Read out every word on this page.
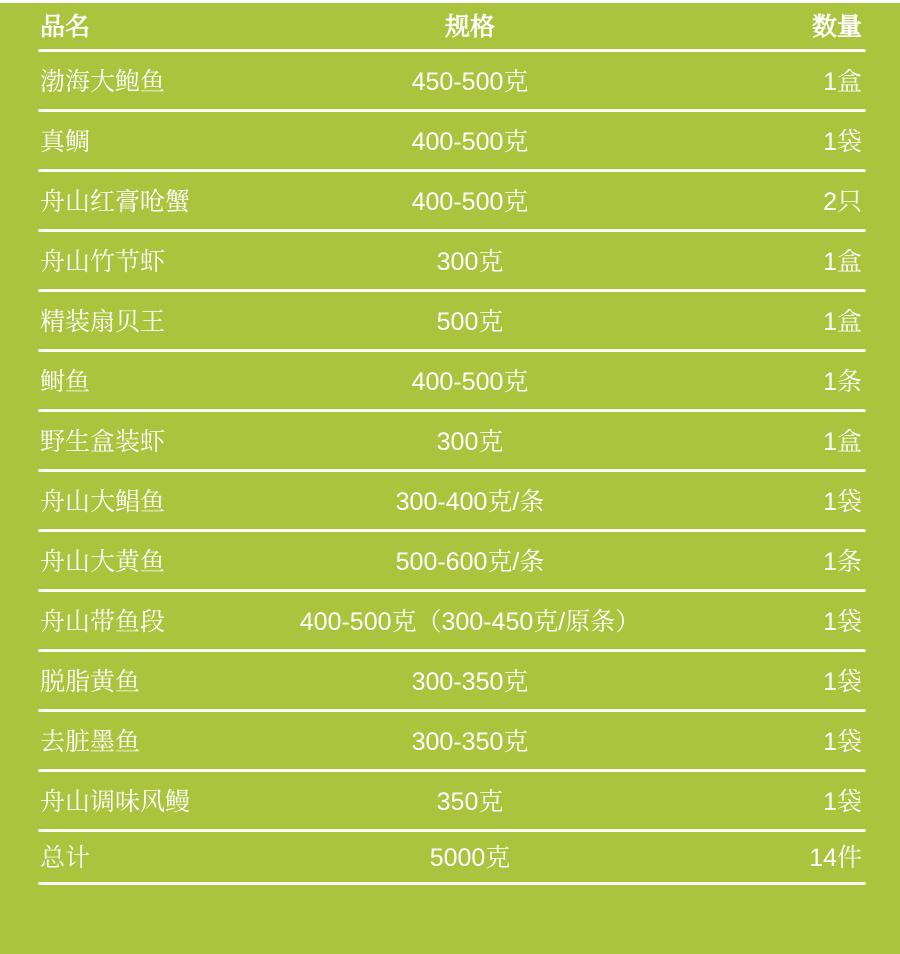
品名	规格	数量
渤海大鲍鱼	450-500克	1盒
真鲷	400-500克	1袋
舟山红膏呛蟹	400-500克	2只
舟山竹节虾	300克	1盒
精装扇贝王	500克	1盒
鲥鱼	400-500克	1条
野生盒装虾	300克	1盒
舟山大鲳鱼	300-400克/条	1袋
舟山大黄鱼	500-600克/条	1条
舟山带鱼段	400-500克（300-450克/原条）	1袋
脱脂黄鱼	300-350克	1袋
去脏墨鱼	300-350克	1袋
舟山调味风鳗	350克	1袋
总计	5000克	14件
